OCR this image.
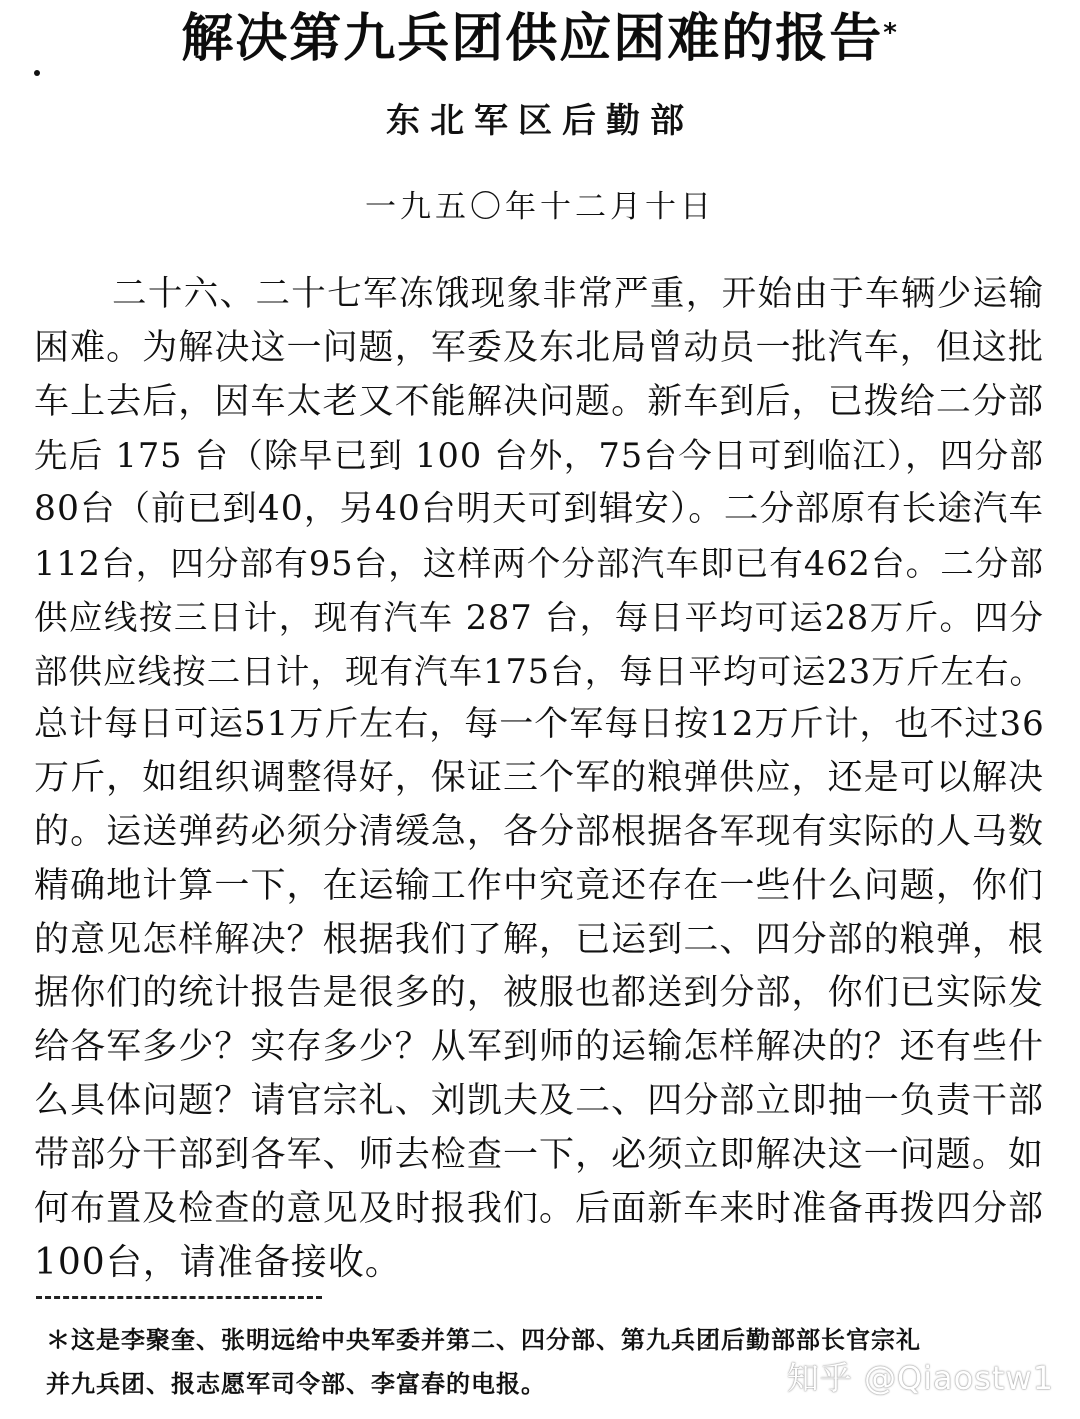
解决第九兵团供应困难的报告*
东北军区后勤部
一九五〇年十二月十日
二十六、二十七军冻饿现象非常严重，开始由于车辆少运输
困难。为解决这一问题，军委及东北局曾动员一批汽车，但这批
车上去后，因车太老又不能解决问题。新车到后，已拨给二分部
先后 175 台（除早已到 100 台外，75台今日可到临江），四分部
80台（前已到40，另40台明天可到辑安）。二分部原有长途汽车
112台，四分部有95台，这样两个分部汽车即已有462台。二分部
供应线按三日计，现有汽车 287 台，每日平均可运28万斤。四分
部供应线按二日计，现有汽车175台，每日平均可运23万斤左右。
总计每日可运51万斤左右，每一个军每日按12万斤计，也不过36
万斤，如组织调整得好，保证三个军的粮弹供应，还是可以解决
的。运送弹药必须分清缓急，各分部根据各军现有实际的人马数
精确地计算一下，在运输工作中究竟还存在一些什么问题，你们
的意见怎样解决？根据我们了解，已运到二、四分部的粮弹，根
据你们的统计报告是很多的，被服也都送到分部，你们已实际发
给各军多少？实存多少？从军到师的运输怎样解决的？还有些什
么具体问题？请官宗礼、刘凯夫及二、四分部立即抽一负责干部
带部分干部到各军、师去检查一下，必须立即解决这一问题。如
何布置及检查的意见及时报我们。后面新车来时准备再拨四分部
100台，请准备接收。
＊这是李聚奎、张明远给中央军委并第二、四分部、第九兵团后勤部部长官宗礼
并九兵团、报志愿军司令部、李富春的电报。	知乎 @Qiaostw1
